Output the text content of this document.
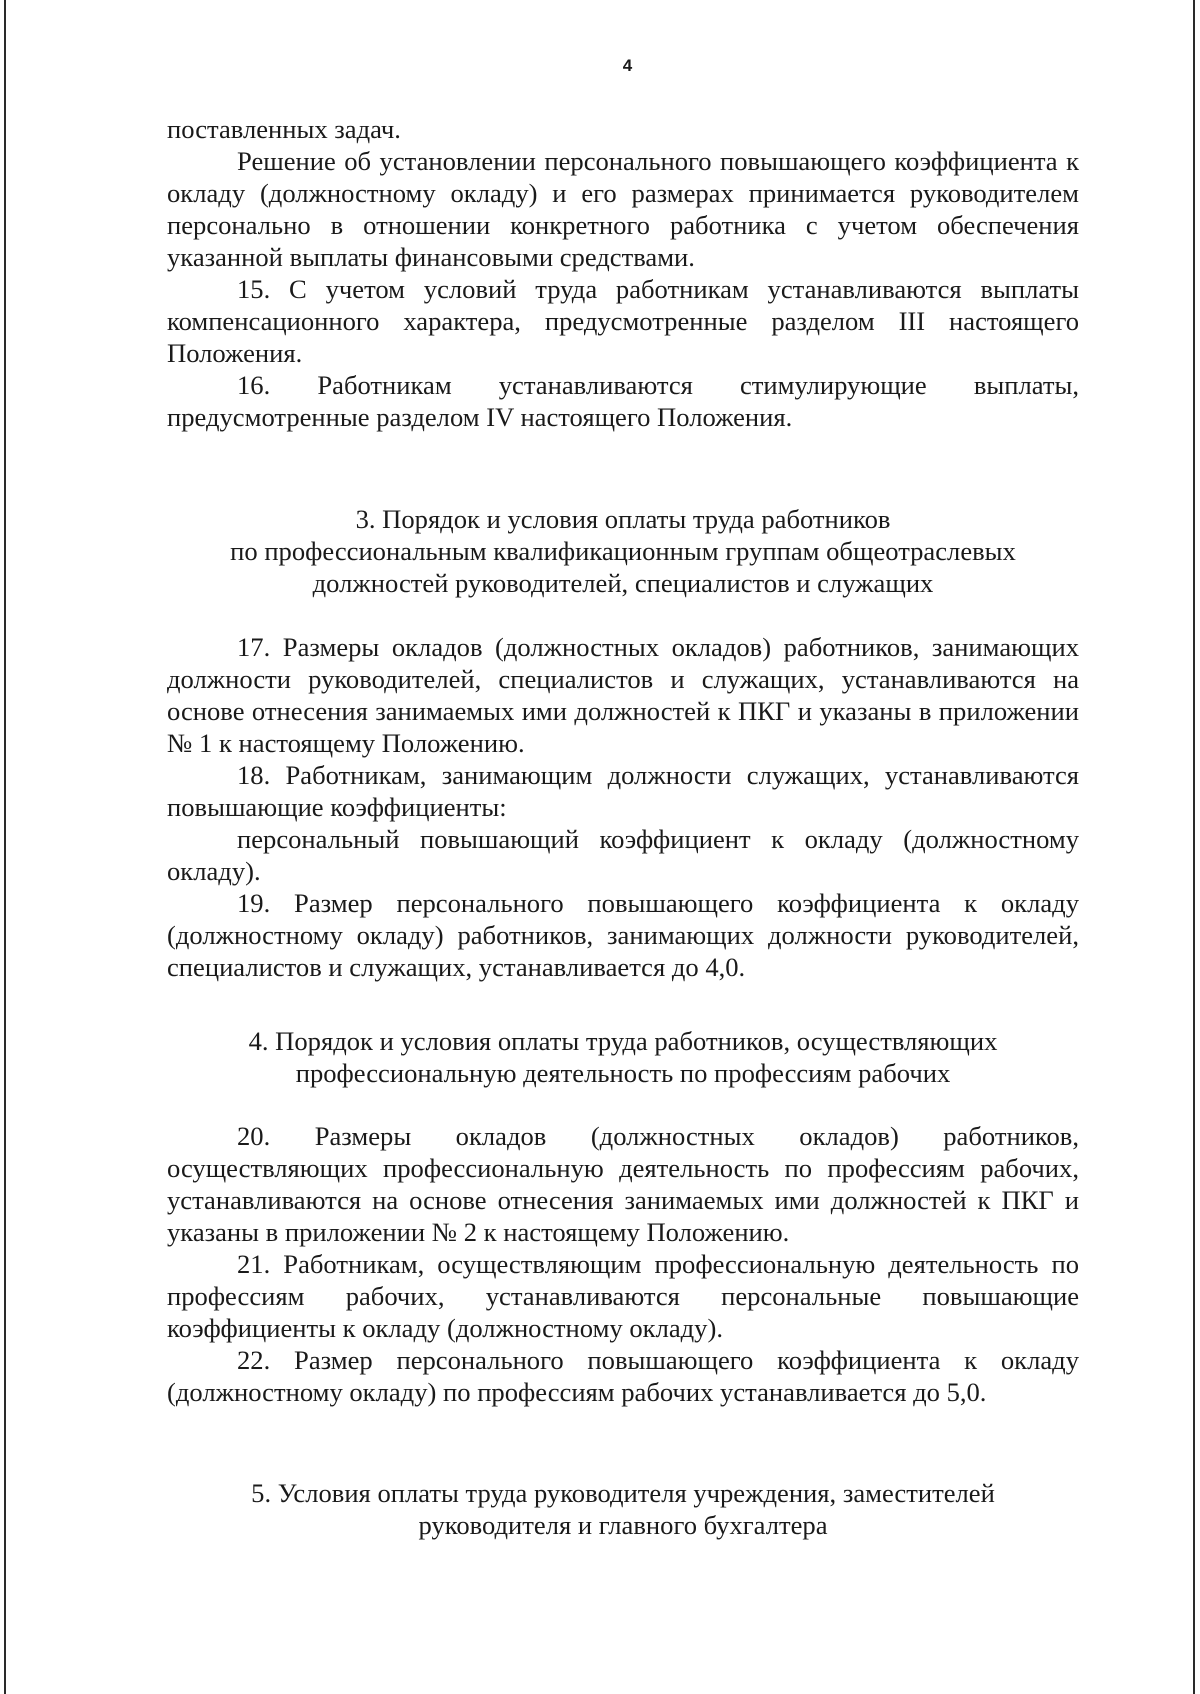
4

поставленных задач.

Решение об установлении персонального повышающего коэффициента к окладу (должностному окладу) и его размерах принимается руководителем персонально в отношении конкретного работника с учетом обеспечения указанной выплаты финансовыми средствами.

15. С учетом условий труда работникам устанавливаются выплаты компенсационного характера, предусмотренные разделом III настоящего Положения.

16. Работникам устанавливаются стимулирующие выплаты, предусмотренные разделом IV настоящего Положения.

3. Порядок и условия оплаты труда работников

по профессиональным квалификационным группам общеотраслевых

должностей руководителей, специалистов и служащих

17. Размеры окладов (должностных окладов) работников, занимающих должности руководителей, специалистов и служащих, устанавливаются на основе отнесения занимаемых ими должностей к ПКГ и указаны в приложении № 1 к настоящему Положению.

18. Работникам, занимающим должности служащих, устанавливаются повышающие коэффициенты:

персональный повышающий коэффициент к окладу (должностному окладу).

19. Размер персонального повышающего коэффициента к окладу (должностному окладу) работников, занимающих должности руководителей, специалистов и служащих, устанавливается до 4,0.

4. Порядок и условия оплаты труда работников, осуществляющих

профессиональную деятельность по профессиям рабочих

20. Размеры окладов (должностных окладов) работников, осуществляющих профессиональную деятельность по профессиям рабочих, устанавливаются на основе отнесения занимаемых ими должностей к ПКГ и указаны в приложении № 2 к настоящему Положению.

21. Работникам, осуществляющим профессиональную деятельность по профессиям рабочих, устанавливаются персональные повышающие коэффициенты к окладу (должностному окладу).

22. Размер персонального повышающего коэффициента к окладу (должностному окладу) по профессиям рабочих устанавливается до 5,0.

5. Условия оплаты труда руководителя учреждения, заместителей

руководителя и главного бухгалтера
